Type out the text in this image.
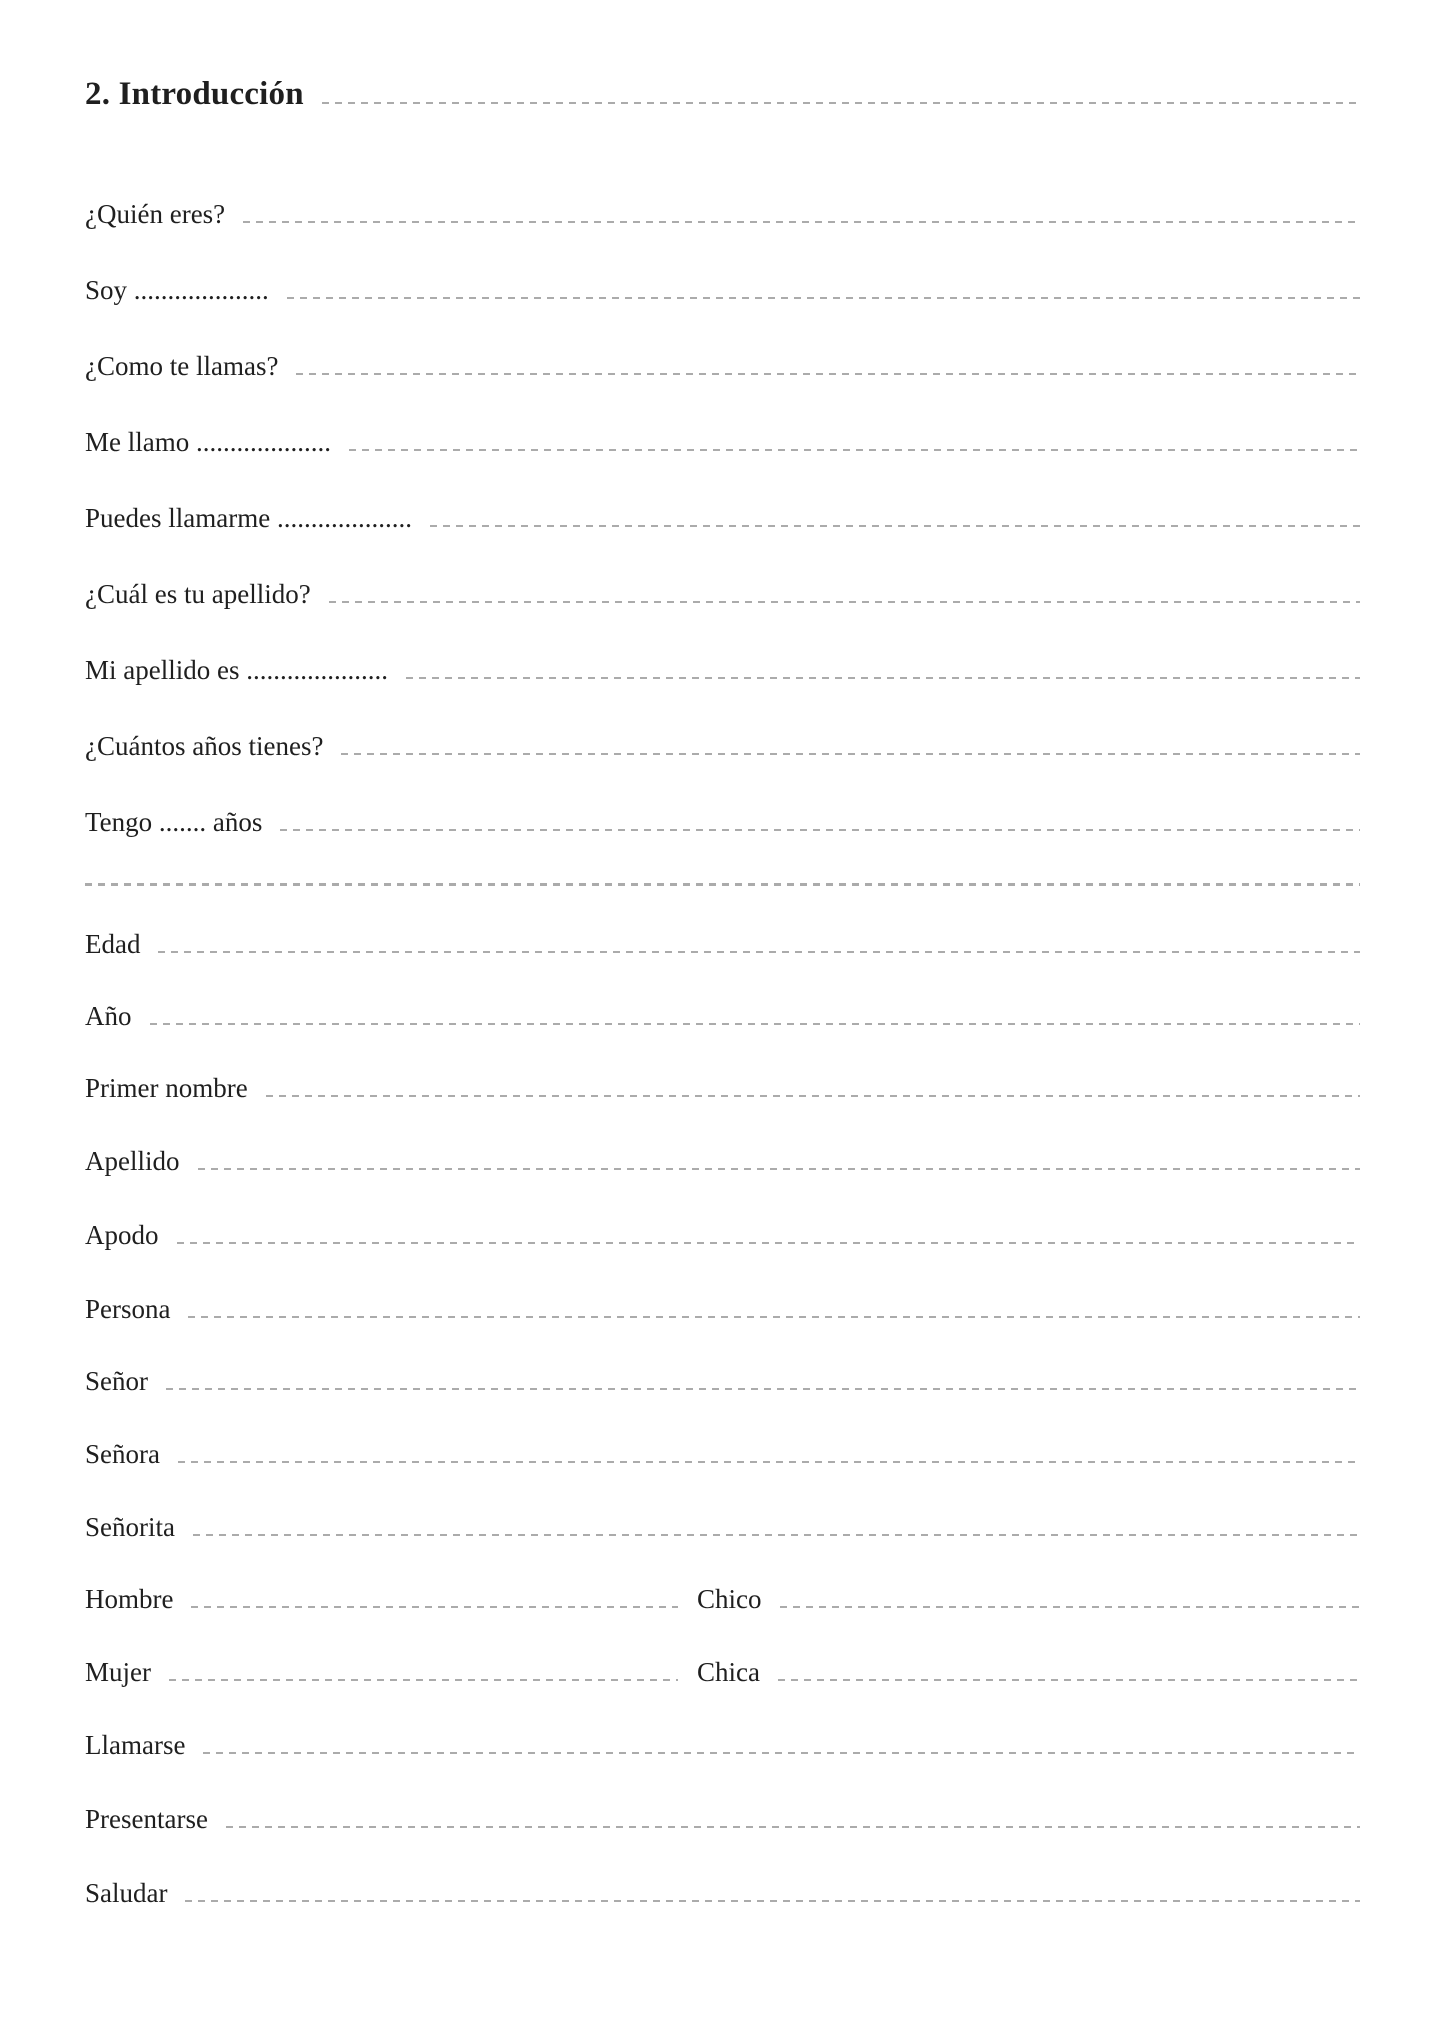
2. Introducción
¿Quién eres?
Soy ....................
¿Como te llamas?
Me llamo ....................
Puedes llamarme ....................
¿Cuál es tu apellido?
Mi apellido es .....................
¿Cuántos años tienes?
Tengo ....... años
Edad
Año
Primer nombre
Apellido
Apodo
Persona
Señor
Señora
Señorita
Hombre	Chico
Mujer	Chica
Llamarse
Presentarse
Saludar
